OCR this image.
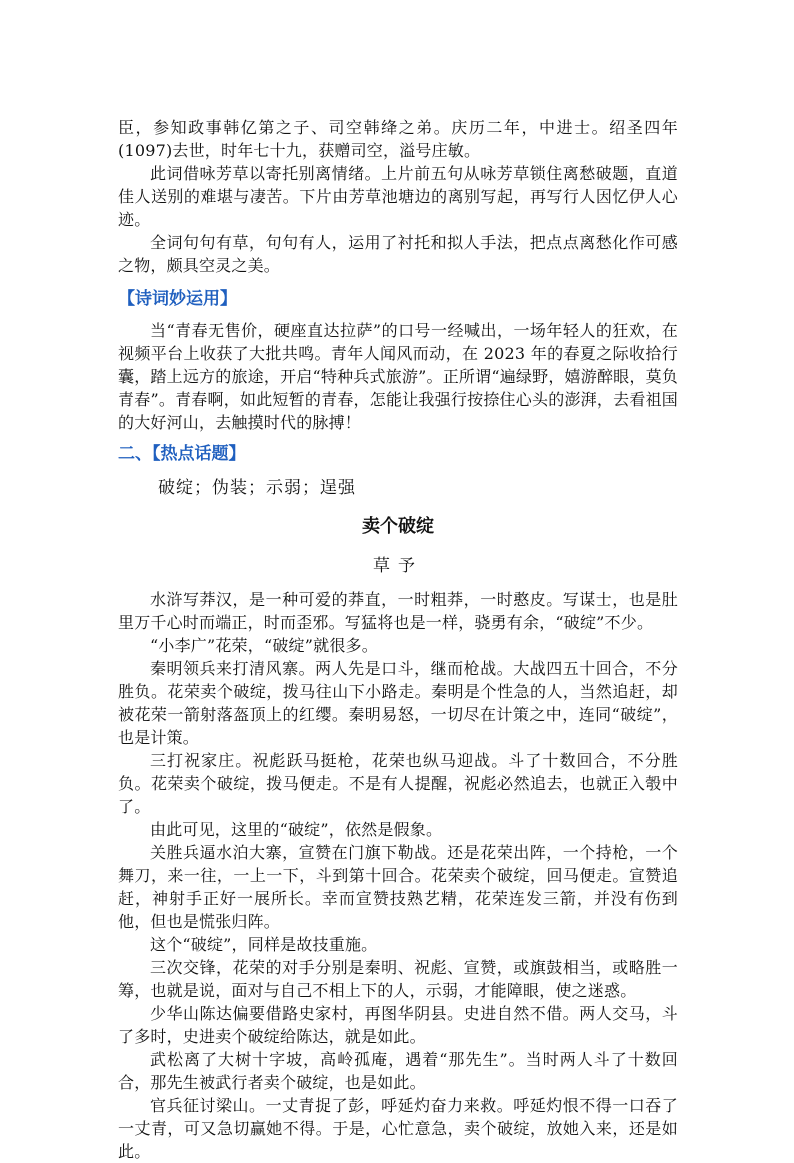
臣，参知政事韩亿第之子、司空韩绛之弟。庆历二年，中进士。绍圣四年(1097)去世，时年七十九，获赠司空，溢号庄敏。

此词借咏芳草以寄托别离情绪。上片前五句从咏芳草锁住离愁破题，直道佳人送别的难堪与凄苦。下片由芳草池塘边的离别写起，再写行人因忆伊人心迹。

全词句句有草，句句有人，运用了衬托和拟人手法，把点点离愁化作可感之物，颇具空灵之美。

【诗词妙运用】

当“青春无售价，硬座直达拉萨”的口号一经喊出，一场年轻人的狂欢，在视频平台上收获了大批共鸣。青年人闻风而动，在 2023 年的春夏之际收拾行囊，踏上远方的旅途，开启“特种兵式旅游”。正所谓“遍绿野，嬉游醉眼，莫负青春”。青春啊，如此短暂的青春，怎能让我强行按捺住心头的澎湃，去看祖国的大好河山，去触摸时代的脉搏！

二、【热点话题】
破绽；伪装；示弱；逞强
卖个破绽
草予

水浒写莽汉，是一种可爱的莽直，一时粗莽，一时憨皮。写谋士，也是肚里万千心时而端正，时而歪邪。写猛将也是一样，骁勇有余，“破绽”不少。

“小李广”花荣，“破绽”就很多。

秦明领兵来打清风寨。两人先是口斗，继而枪战。大战四五十回合，不分胜负。花荣卖个破绽，拨马往山下小路走。秦明是个性急的人，当然追赶，却被花荣一箭射落盔顶上的红缨。秦明易怒，一切尽在计策之中，连同“破绽”，也是计策。

三打祝家庄。祝彪跃马挺枪，花荣也纵马迎战。斗了十数回合，不分胜负。花荣卖个破绽，拨马便走。不是有人提醒，祝彪必然追去，也就正入彀中了。

由此可见，这里的“破绽”，依然是假象。

关胜兵逼水泊大寨，宣赞在门旗下勒战。还是花荣出阵，一个持枪，一个舞刀，来一往，一上一下，斗到第十回合。花荣卖个破绽，回马便走。宣赞追赶，神射手正好一展所长。幸而宣赞技熟艺精，花荣连发三箭，并没有伤到他，但也是慌张归阵。

这个“破绽”，同样是故技重施。

三次交锋，花荣的对手分别是秦明、祝彪、宣赞，或旗鼓相当，或略胜一筹，也就是说，面对与自己不相上下的人，示弱，才能障眼，使之迷惑。

少华山陈达偏要借路史家村，再图华阴县。史进自然不借。两人交马，斗了多时，史进卖个破绽给陈达，就是如此。

武松离了大树十字坡，高岭孤庵，遇着“那先生”。当时两人斗了十数回合，那先生被武行者卖个破绽，也是如此。

官兵征讨梁山。一丈青捉了彭，呼延灼奋力来救。呼延灼恨不得一口吞了一丈青，可又急切赢她不得。于是，心忙意急，卖个破绽，放她入来，还是如此。
